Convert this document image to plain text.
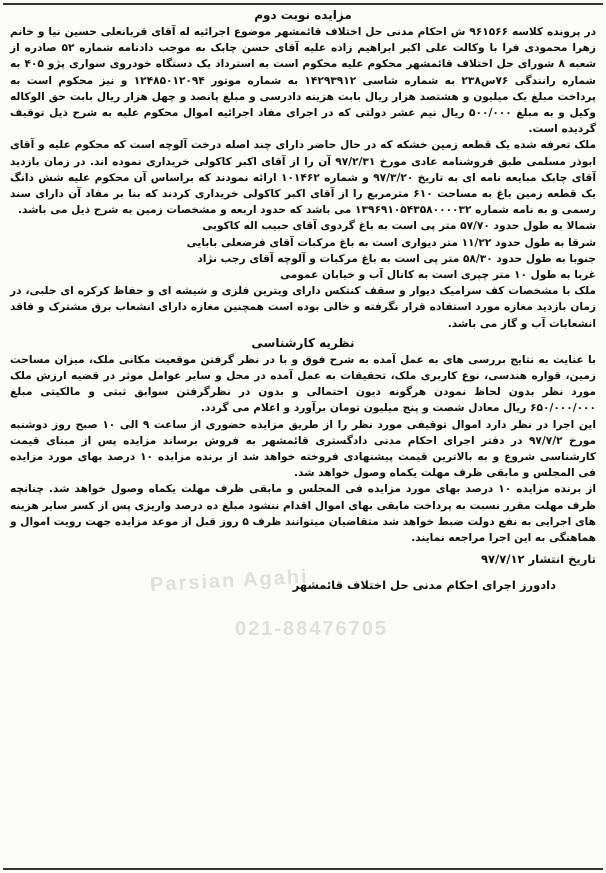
مزایده نوبت دوم

در پرونده کلاسه ۹۶۱۵۶۶ ش احکام مدنی حل اختلاف قائمشهر موضوع اجرائیه له آقای قربانعلی حسین نیا و خانم زهرا محمودی فرا با وکالت علی اکبر ابراهیم زاده علیه آقای حسن چابک به موجب دادنامه شماره ۵۲ صادره از شعبه ۸ شورای حل اختلاف قائمشهر محکوم علیه محکوم است به استرداد یک دستگاه خودروی سواری پژو ۴۰۵ به شماره رانندگی ۷۶س۲۳۸ به شماره شاسی ۱۴۲۹۳۹۱۲ به شماره موتور ۱۲۴۸۵۰۱۲۰۹۴ و نیز محکوم است به پرداخت مبلغ یک میلیون و هشتصد هزار ریال بابت هزینه دادرسی و مبلغ پانصد و چهل هزار ریال بابت حق الوکاله وکیل و به مبلغ ۵۰۰/۰۰۰ ریال نیم عشر دولتی که در اجرای مفاد اجرائیه اموال محکوم علیه به شرح ذیل توقیف گردیده است.

ملک تعرفه شده یک قطعه زمین خشکه که در حال حاضر دارای چند اصله درخت آلوچه است که محکوم علیه و آقای ابوذر مسلمی طبق فروشنامه عادی مورخ ۹۷/۲/۳۱ آن را از آقای اکبر کاکولی خریداری نموده اند. در زمان بازدید آقای چابک مبایعه نامه ای به تاریخ ۹۷/۳/۲۰ و شماره ۱۰۱۴۶۲ ارائه نمودند که براساس آن محکوم علیه شش دانگ یک قطعه زمین باغ به مساحت ۶۱۰ مترمربع را از آقای اکبر کاکولی خریداری کردند که بنا بر مفاد آن دارای سند رسمی و به نامه شماره ۱۳۹۶۹۱۰۵۴۳۵۸۰۰۰۰۳۲ می باشد که حدود اربعه و مشخصات زمین به شرح ذیل می باشد.

شمالا به طول حدود ۵۷/۷۰ متر پی است به باغ گردوی آقای حبیب اله کاکوبی
شرقا به طول حدود ۱۱/۲۲ متر دیواری است به باغ مرکبات آقای فرضعلی بابایی
جنوبا به طول حدود ۵۸/۳۰ متر پی است به باغ مرکبات و آلوچه آقای رجب نژاد
غربا به طول ۱۰ متر چپری است به کانال آب و خیابان عمومی

ملک با مشخصات کف سرامیک دیوار و سقف کنتکس دارای ویترین فلزی و شیشه ای و حفاظ کرکره ای حلبی، در زمان بازدید مغازه مورد استفاده قرار نگرفته و خالی بوده است همچنین مغازه دارای انشعاب برق مشترک و فاقد انشعابات آب و گاز می باشد.

نظریه کارشناسی

با عنایت به نتایج بررسی های به عمل آمده به شرح فوق و با در نظر گرفتن موقعیت مکانی ملک، میزان مساحت زمین، قواره هندسی، نوع کاربری ملک، تحقیقات به عمل آمده در محل و سایر عوامل موثر در قضیه ارزش ملک مورد نظر بدون لحاظ نمودن هرگونه دیون احتمالی و بدون در نظرگرفتن سوابق ثبتی و مالکیتی مبلغ ۶۵۰/۰۰۰/۰۰۰ ریال معادل شصت و پنج میلیون تومان برآورد و اعلام می گردد.

این اجرا در نظر دارد اموال توقیفی مورد نظر را از طریق مزایده حضوری از ساعت ۹ الی ۱۰ صبح روز دوشنبه مورخ ۹۷/۷/۲ در دفتر اجرای احکام مدنی دادگستری قائمشهر به فروش برساند مزایده پس از مبنای قیمت کارشناسی شروع و به بالاترین قیمت پیشنهادی فروخته خواهد شد از برنده مزایده ۱۰ درصد بهای مورد مزایده فی المجلس و مابقی ظرف مهلت یکماه وصول خواهد شد.

از برنده مزایده ۱۰ درصد بهای مورد مزایده فی المجلس و مابقی ظرف مهلت یکماه وصول خواهد شد. چنانچه ظرف مهلت مقرر نسبت به پرداخت مابقی بهای اموال اقدام ننشود مبلغ ده درصد واریزی پس از کسر سایر هزینه های اجرایی به نفع دولت ضبط خواهد شد متقاضیان میتوانند ظرف ۵ روز قبل از موعد مزایده جهت رویت اموال و هماهنگی به این اجرا مراجعه نمایند.

تاریخ انتشار ۹۷/۷/۱۲
دادورز اجرای احکام مدنی حل اختلاف قائمشهر
Parsian Agahi
021-88476705
